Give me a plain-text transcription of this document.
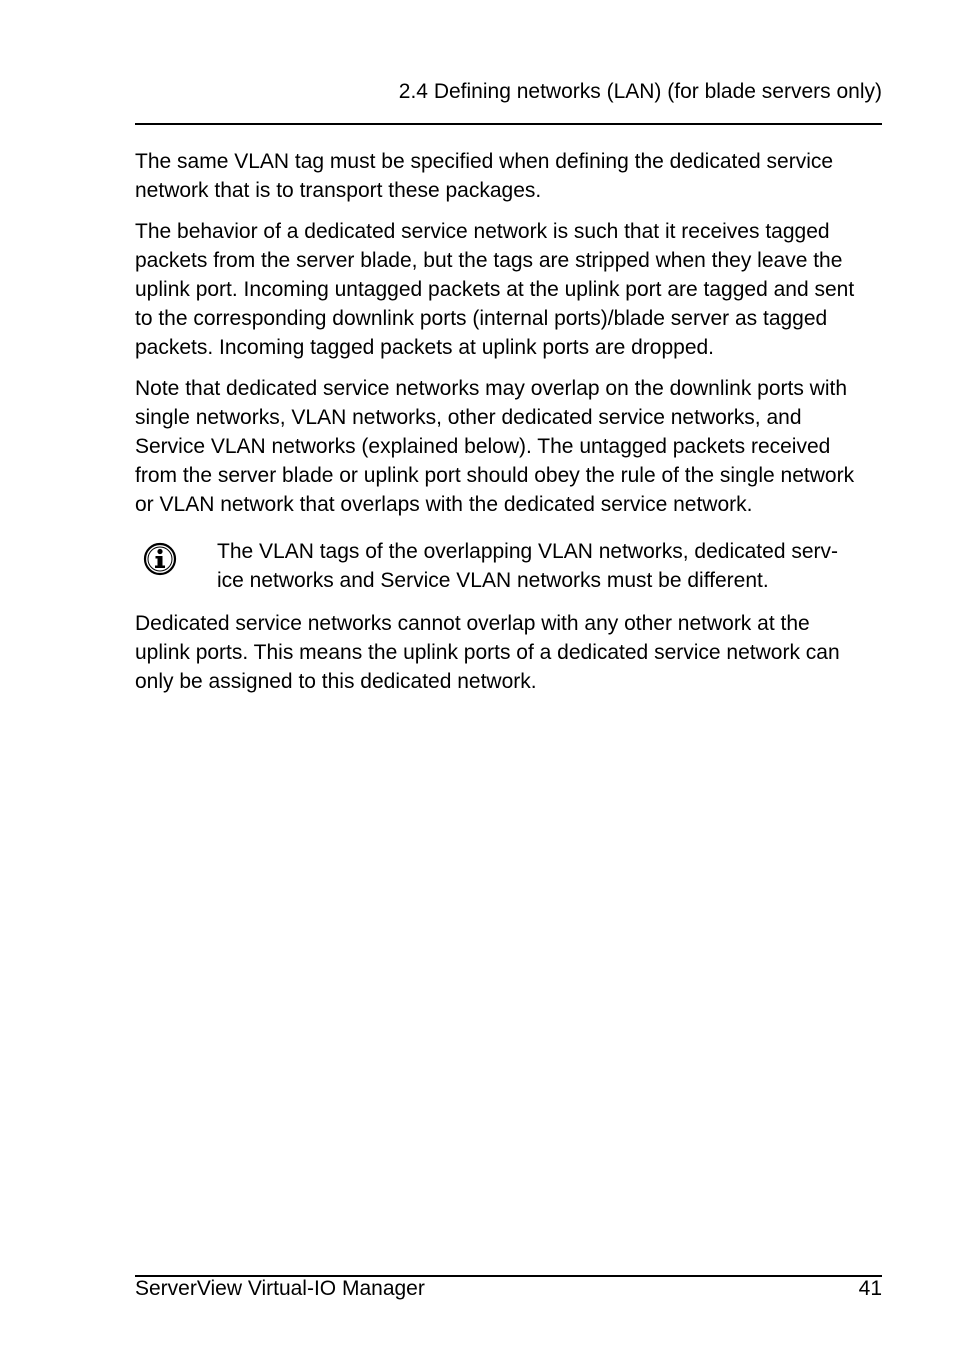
2.4 Defining networks (LAN) (for blade servers only)

The same VLAN tag must be specified when defining the dedicated service
network that is to transport these packages.

The behavior of a dedicated service network is such that it receives tagged
packets from the server blade, but the tags are stripped when they leave the
uplink port. Incoming untagged packets at the uplink port are tagged and sent
to the corresponding downlink ports (internal ports)/blade server as tagged
packets. Incoming tagged packets at uplink ports are dropped.

Note that dedicated service networks may overlap on the downlink ports with
single networks, VLAN networks, other dedicated service networks, and
Service VLAN networks (explained below). The untagged packets received
from the server blade or uplink port should obey the rule of the single network
or VLAN network that overlaps with the dedicated service network.

The VLAN tags of the overlapping VLAN networks, dedicated serv-
ice networks and Service VLAN networks must be different.

Dedicated service networks cannot overlap with any other network at the
uplink ports. This means the uplink ports of a dedicated service network can
only be assigned to this dedicated network.

ServerView Virtual-IO Manager	41
